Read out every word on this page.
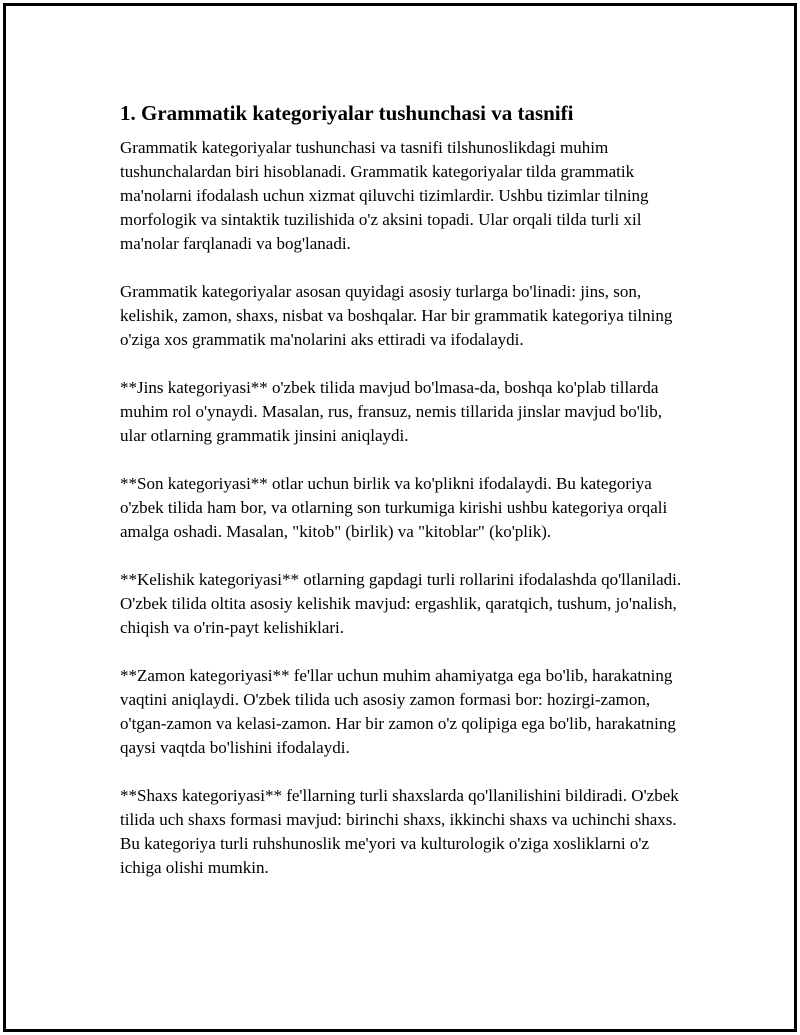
1. Grammatik kategoriyalar tushunchasi va tasnifi

Grammatik kategoriyalar tushunchasi va tasnifi tilshunoslikdagi muhim tushunchalardan biri hisoblanadi. Grammatik kategoriyalar tilda grammatik ma'nolarni ifodalash uchun xizmat qiluvchi tizimlardir. Ushbu tizimlar tilning morfologik va sintaktik tuzilishida o'z aksini topadi. Ular orqali tilda turli xil ma'nolar farqlanadi va bog'lanadi.

Grammatik kategoriyalar asosan quyidagi asosiy turlarga bo'linadi: jins, son, kelishik, zamon, shaxs, nisbat va boshqalar. Har bir grammatik kategoriya tilning o'ziga xos grammatik ma'nolarini aks ettiradi va ifodalaydi.

**Jins kategoriyasi** o'zbek tilida mavjud bo'lmasa-da, boshqa ko'plab tillarda muhim rol o'ynaydi. Masalan, rus, fransuz, nemis tillarida jinslar mavjud bo'lib, ular otlarning grammatik jinsini aniqlaydi.

**Son kategoriyasi** otlar uchun birlik va ko'plikni ifodalaydi. Bu kategoriya o'zbek tilida ham bor, va otlarning son turkumiga kirishi ushbu kategoriya orqali amalga oshadi. Masalan, "kitob" (birlik) va "kitoblar" (ko'plik).

**Kelishik kategoriyasi** otlarning gapdagi turli rollarini ifodalashda qo'llaniladi. O'zbek tilida oltita asosiy kelishik mavjud: ergashlik, qaratqich, tushum, jo'nalish, chiqish va o'rin-payt kelishiklari.

**Zamon kategoriyasi** fe'llar uchun muhim ahamiyatga ega bo'lib, harakatning vaqtini aniqlaydi. O'zbek tilida uch asosiy zamon formasi bor: hozirgi-zamon, o'tgan-zamon va kelasi-zamon. Har bir zamon o'z qolipiga ega bo'lib, harakatning qaysi vaqtda bo'lishini ifodalaydi.

**Shaxs kategoriyasi** fe'llarning turli shaxslarda qo'llanilishini bildiradi. O'zbek tilida uch shaxs formasi mavjud: birinchi shaxs, ikkinchi shaxs va uchinchi shaxs. Bu kategoriya turli ruhshunoslik me'yori va kulturologik o'ziga xosliklarni o'z ichiga olishi mumkin.
